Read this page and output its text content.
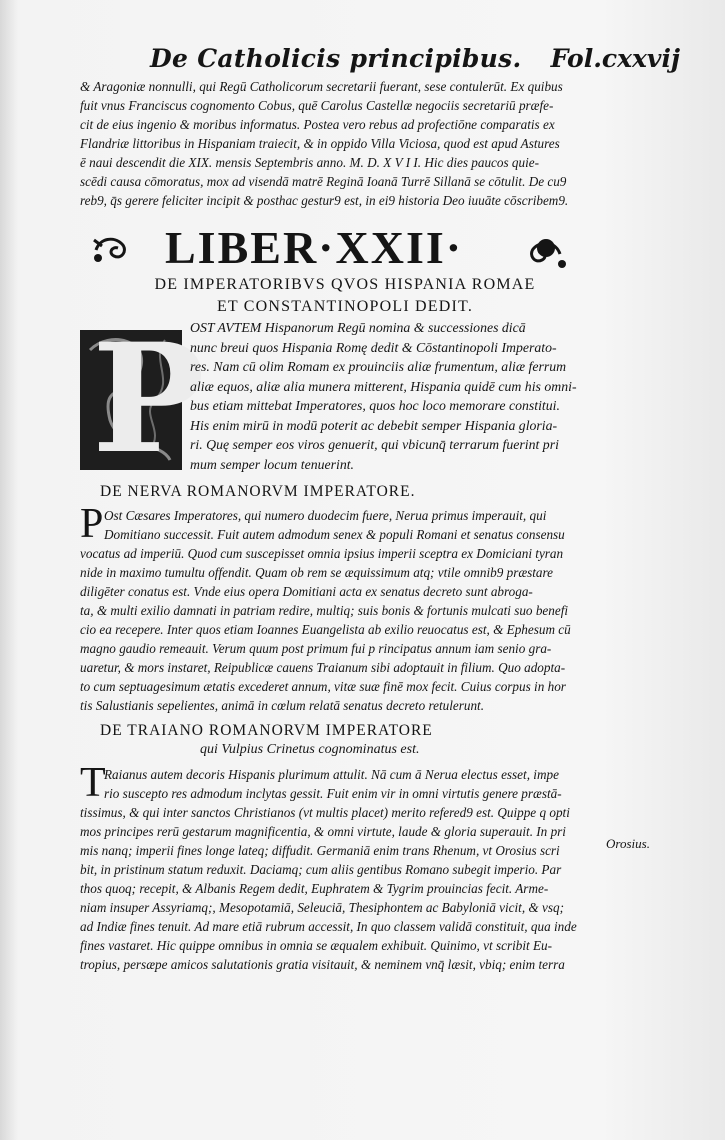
De Catholicis principibus. Fol.cxxvij
& Aragoniæ nonnulli, qui Regū Catholicorum secretarii fuerant, sese contulerūt. Ex quibus
fuit vnus Franciscus cognomento Cobus, quē Carolus Castellæ negociis secretariū præfe-
cit de eius ingenio & moribus informatus. Postea vero rebus ad profectiōne comparatis ex
Flandriæ littoribus in Hispaniam traiecit, & in oppido Villa Viciosa, quod est apud Astures
ē naui descendit die XIX. mensis Septembris anno. M. D. X V I I. Hic dies paucos quie-
scēdi causa cōmoratus, mox ad visendā matrē Reginā Ioanā Turrē Sillanā se cōtulit. De cu9
reb9, q̄s gerere feliciter incipit & posthac gestur9 est, in ei9 historia Deo iuuāte cōscribem9.
LIBER·XXII·
DE IMPERATORIBVS QVOS HISPANIA ROMAE
ET CONSTANTINOPOLI DEDIT.
P
OST AVTEM Hispanorum Regū nomina & successiones dicā
nunc breui quos Hispania Romę dedit & Cōstantinopoli Imperato-
res. Nam cū olim Romam ex prouinciis aliæ frumentum, aliæ ferrum
aliæ equos, aliæ alia munera mitterent, Hispania quidē cum his omni-
bus etiam mittebat Imperatores, quos hoc loco memorare constitui.
His enim mirū in modū poterit ac debebit semper Hispania gloria-
ri. Quę semper eos viros genuerit, qui vbicunq̄ terrarum fuerint pri
mum semper locum tenuerint.
DE NERVA ROMANORVM IMPERATORE.
P Ost Cæsares Imperatores, qui numero duodecim fuere, Nerua primus imperauit, qui
Domitiano successit. Fuit autem admodum senex & populi Romani et senatus consensu
vocatus ad imperiū. Quod cum suscepisset omnia ipsius imperii sceptra ex Domiciani tyran
nide in maximo tumultu offendit. Quam ob rem se æquissimum atq; vtile omnib9 præstare
diligēter conatus est. Vnde eius opera Domitiani acta ex senatus decreto sunt abroga-
ta, & multi exilio damnati in patriam redire, multiq; suis bonis & fortunis mulcati suo benefi
cio ea recepere. Inter quos etiam Ioannes Euangelista ab exilio reuocatus est, & Ephesum cū
magno gaudio remeauit. Verum quum post primum fui p rincipatus annum iam senio gra-
uaretur, & mors instaret, Reipublicæ cauens Traianum sibi adoptauit in filium. Quo adopta-
to cum septuagesimum ætatis excederet annum, vitæ suæ finē mox fecit. Cuius corpus in hor
tis Salustianis sepelientes, animā in cœlum relatā senatus decreto retulerunt.
DE TRAIANO ROMANORVM IMPERATORE
qui Vulpius Crinetus cognominatus est.
T
Raianus autem decoris Hispanis plurimum attulit. Nā cum ā Nerua electus esset, impe
rio suscepto res admodum inclytas gessit. Fuit enim vir in omni virtutis genere præstā-
tissimus, & qui inter sanctos Christianos (vt multis placet) merito refered9 est. Quippe q opti
mos principes rerū gestarum magnificentia, & omni virtute, laude & gloria superauit. In pri
mis nanq; imperii fines longe lateq; diffudit. Germaniā enim trans Rhenum, vt Orosius scri
bit, in pristinum statum reduxit. Daciamq; cum aliis gentibus Romano subegit imperio. Par
thos quoq; recepit, & Albanis Regem dedit, Euphratem & Tygrim prouincias fecit. Arme-
niam insuper Assyriamq;, Mesopotamiā, Seleuciā, Thesiphontem ac Babyloniā vicit, & vsq;
ad Indiæ fines tenuit. Ad mare etiā rubrum accessit, In quo classem validā constituit, qua inde
fines vastaret. Hic quippe omnibus in omnia se æqualem exhibuit. Quinimo, vt scribit Eu-
tropius, persæpe amicos salutationis gratia visitauit, & neminem vnq̄ læsit, vbiq; enim terra
Orosius.
